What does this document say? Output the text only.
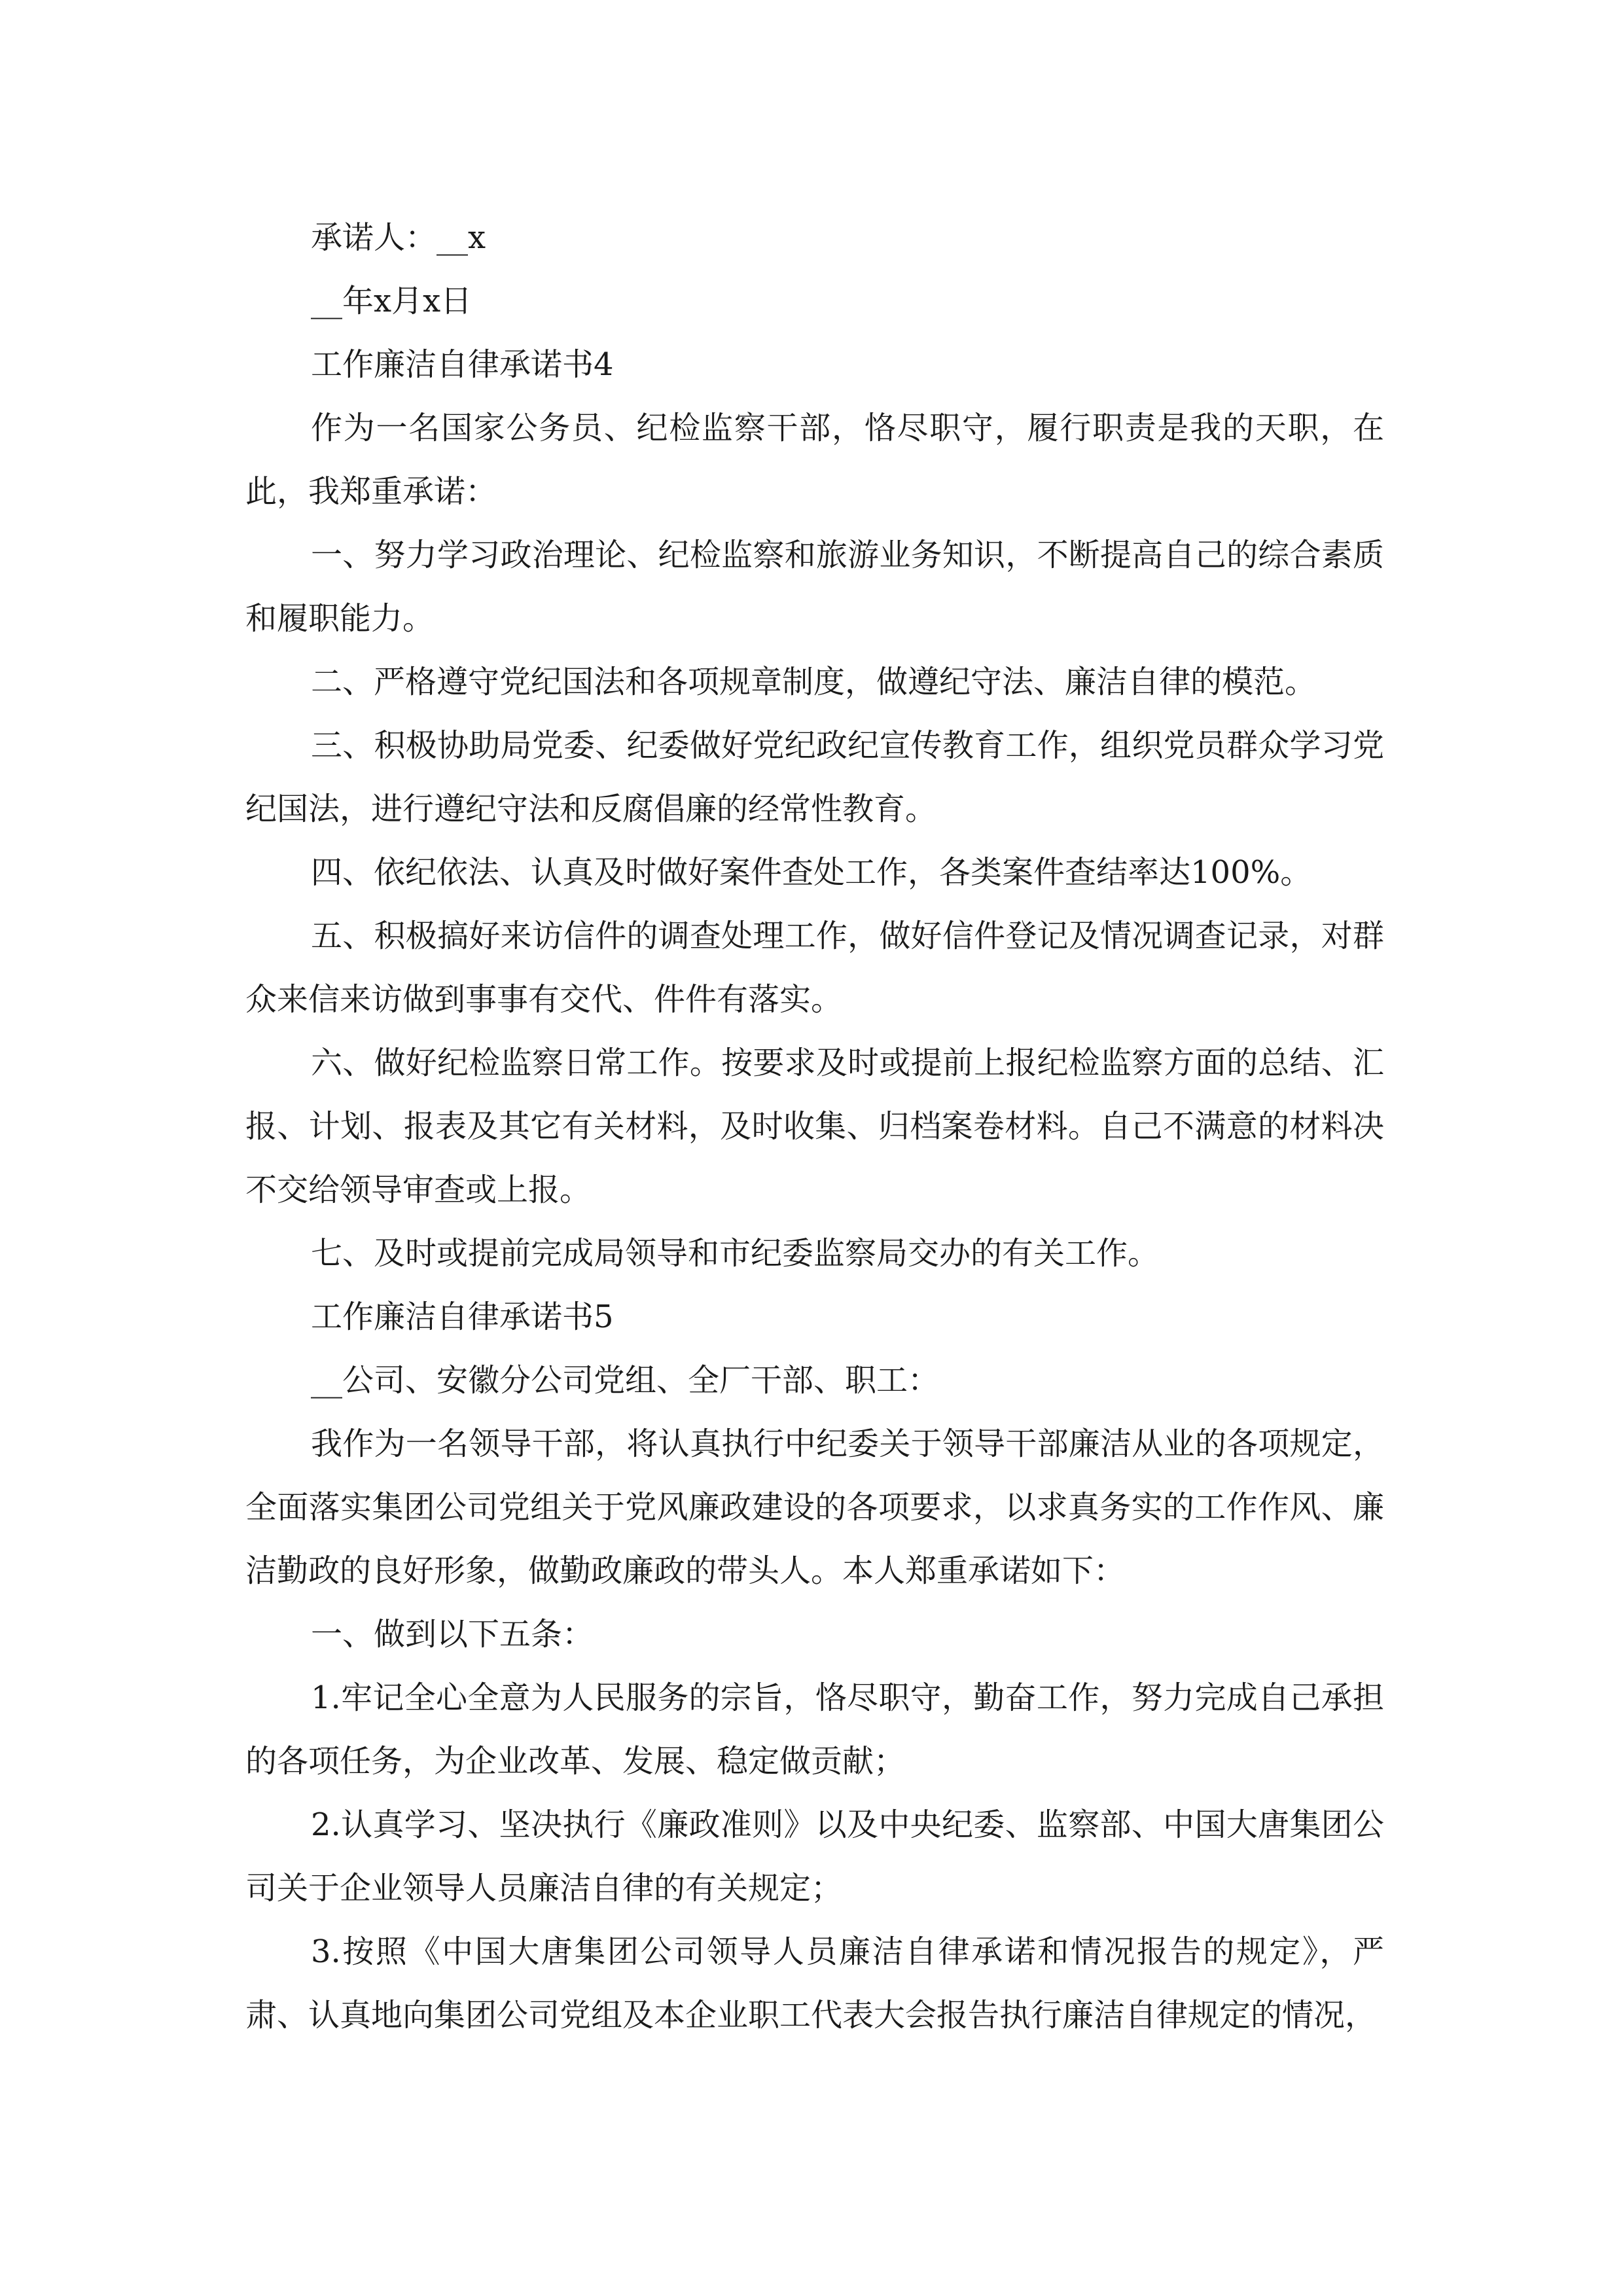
承诺人：__x

__年x月x日

工作廉洁自律承诺书4

作为一名国家公务员、纪检监察干部，恪尽职守，履行职责是我的天职，在此，我郑重承诺：

一、努力学习政治理论、纪检监察和旅游业务知识，不断提高自己的综合素质和履职能力。

二、严格遵守党纪国法和各项规章制度，做遵纪守法、廉洁自律的模范。

三、积极协助局党委、纪委做好党纪政纪宣传教育工作，组织党员群众学习党纪国法，进行遵纪守法和反腐倡廉的经常性教育。

四、依纪依法、认真及时做好案件查处工作，各类案件查结率达100%。

五、积极搞好来访信件的调查处理工作，做好信件登记及情况调查记录，对群众来信来访做到事事有交代、件件有落实。

六、做好纪检监察日常工作。按要求及时或提前上报纪检监察方面的总结、汇报、计划、报表及其它有关材料，及时收集、归档案卷材料。自己不满意的材料决不交给领导审查或上报。

七、及时或提前完成局领导和市纪委监察局交办的有关工作。

工作廉洁自律承诺书5

__公司、安徽分公司党组、全厂干部、职工：

我作为一名领导干部，将认真执行中纪委关于领导干部廉洁从业的各项规定，全面落实集团公司党组关于党风廉政建设的各项要求，以求真务实的工作作风、廉洁勤政的良好形象，做勤政廉政的带头人。本人郑重承诺如下：

一、做到以下五条：

1.牢记全心全意为人民服务的宗旨，恪尽职守，勤奋工作，努力完成自己承担的各项任务，为企业改革、发展、稳定做贡献；

2.认真学习、坚决执行《廉政准则》以及中央纪委、监察部、中国大唐集团公司关于企业领导人员廉洁自律的有关规定；

3.按照《中国大唐集团公司领导人员廉洁自律承诺和情况报告的规定》，严肃、认真地向集团公司党组及本企业职工代表大会报告执行廉洁自律规定的情况，
